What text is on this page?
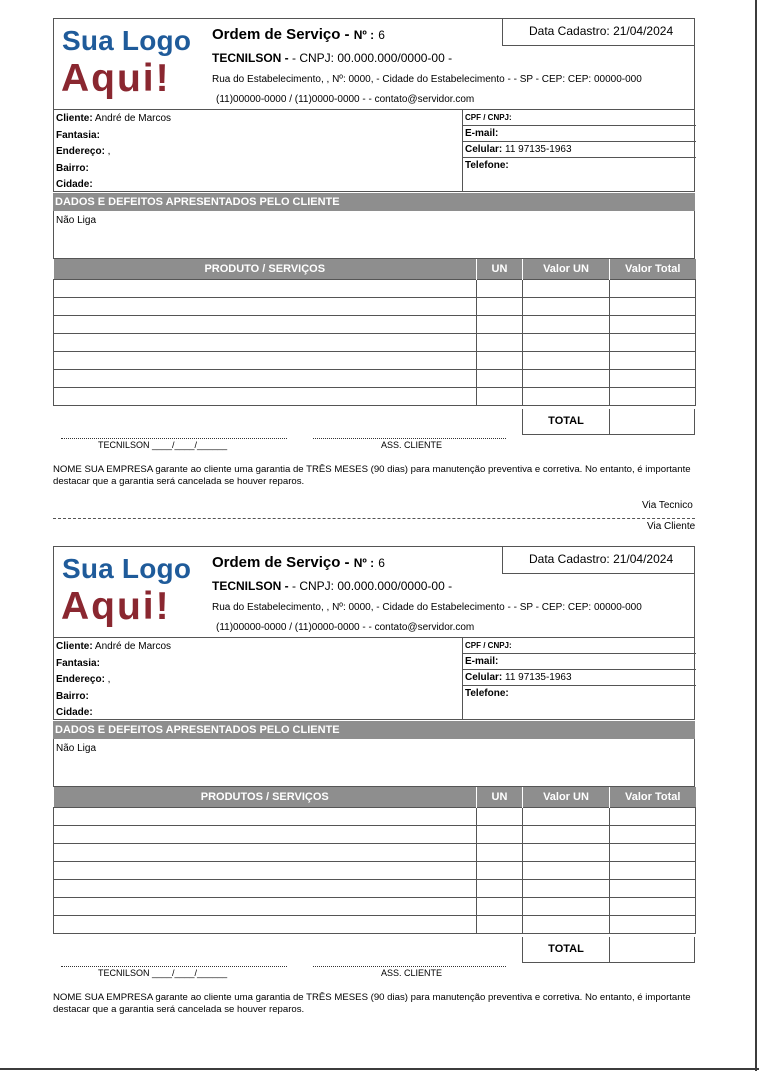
Sua Logo
Aqui!
Ordem de Serviço - Nº : 6	Data Cadastro: 21/04/2024
TECNILSON - - CNPJ: 00.000.000/0000-00 -
Rua do Estabelecimento, , Nº: 0000, - Cidade do Estabelecimento - - SP - CEP: CEP: 00000-000
(11)00000-0000 / (11)0000-0000 - - contato@servidor.com
Cliente: André de Marcos
Fantasia:
Endereço: ,
Bairro:
Cidade:
CPF / CNPJ:
E-mail:
Celular: 11 97135-1963
Telefone:
DADOS E DEFEITOS APRESENTADOS PELO CLIENTE
Não Liga
PRODUTO / SERVIÇOS	UN	Valor UN	Valor Total

TOTAL
TECNILSON ____/____/______	ASS. CLIENTE
NOME SUA EMPRESA garante ao cliente uma garantia de TRÊS MESES (90 dias) para manutenção preventiva e corretiva. No entanto, é importante destacar que a garantia será cancelada se houver reparos.
Via Tecnico
Via Cliente
Sua Logo
Aqui!
Ordem de Serviço - Nº : 6	Data Cadastro: 21/04/2024
TECNILSON - - CNPJ: 00.000.000/0000-00 -
Rua do Estabelecimento, , Nº: 0000, - Cidade do Estabelecimento - - SP - CEP: CEP: 00000-000
(11)00000-0000 / (11)0000-0000 - - contato@servidor.com
Cliente: André de Marcos
Fantasia:
Endereço: ,
Bairro:
Cidade:
CPF / CNPJ:
E-mail:
Celular: 11 97135-1963
Telefone:
DADOS E DEFEITOS APRESENTADOS PELO CLIENTE
Não Liga
PRODUTOS / SERVIÇOS	UN	Valor UN	Valor Total

TOTAL
TECNILSON ____/____/______	ASS. CLIENTE
NOME SUA EMPRESA garante ao cliente uma garantia de TRÊS MESES (90 dias) para manutenção preventiva e corretiva. No entanto, é importante destacar que a garantia será cancelada se houver reparos.
